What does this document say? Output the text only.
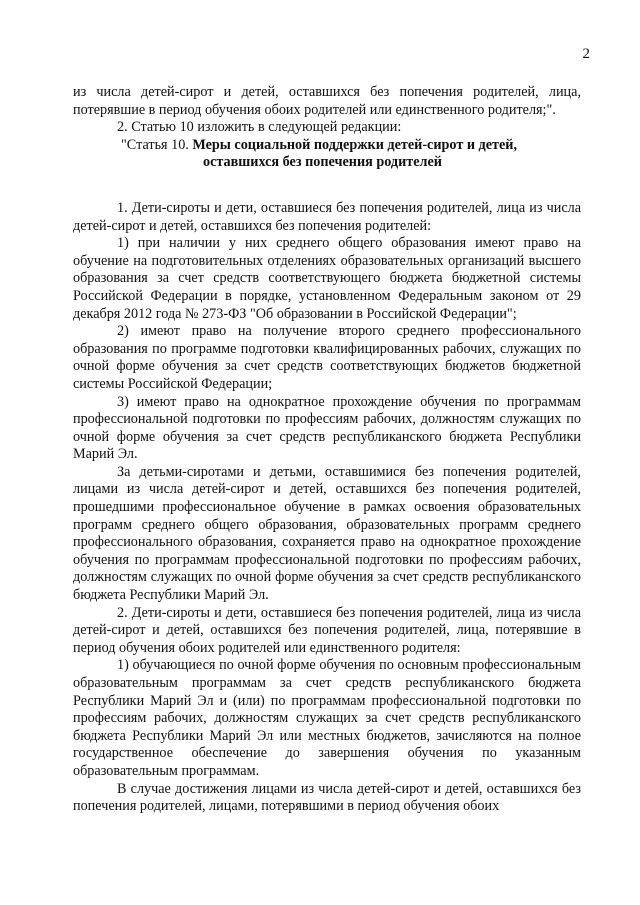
2

из числа детей-сирот и детей, оставшихся без попечения родителей, лица, потерявшие в период обучения обоих родителей или единственного родителя;".

2. Статью 10 изложить в следующей редакции:

"Статья 10. Меры социальной поддержки детей-сирот и детей,

оставшихся без попечения родителей

1. Дети-сироты и дети, оставшиеся без попечения родителей, лица из числа детей-сирот и детей, оставшихся без попечения родителей:

1) при наличии у них среднего общего образования имеют право на обучение на подготовительных отделениях образовательных организаций высшего образования за счет средств соответствующего бюджета бюджетной системы Российской Федерации в порядке, установленном Федеральным законом от 29 декабря 2012 года № 273-ФЗ "Об образовании в Российской Федерации";

2) имеют право на получение второго среднего профессионального образования по программе подготовки квалифицированных рабочих, служащих по очной форме обучения за счет средств соответствующих бюджетов бюджетной системы Российской Федерации;

3) имеют право на однократное прохождение обучения по программам профессиональной подготовки по профессиям рабочих, должностям служащих по очной форме обучения за счет средств республиканского бюджета Республики Марий Эл.

За детьми-сиротами и детьми, оставшимися без попечения родителей, лицами из числа детей-сирот и детей, оставшихся без попечения родителей, прошедшими профессиональное обучение в рамках освоения образовательных программ среднего общего образования, образовательных программ среднего профессионального образования, сохраняется право на однократное прохождение обучения по программам профессиональной подготовки по профессиям рабочих, должностям служащих по очной форме обучения за счет средств республиканского бюджета Республики Марий Эл.

2. Дети-сироты и дети, оставшиеся без попечения родителей, лица из числа детей-сирот и детей, оставшихся без попечения родителей, лица, потерявшие в период обучения обоих родителей или единственного родителя:

1) обучающиеся по очной форме обучения по основным профессиональным образовательным программам за счет средств республиканского бюджета Республики Марий Эл и (или) по программам профессиональной подготовки по профессиям рабочих, должностям служащих за счет средств республиканского бюджета Республики Марий Эл или местных бюджетов, зачисляются на полное государственное обеспечение до завершения обучения по указанным образовательным программам.

В случае достижения лицами из числа детей-сирот и детей, оставшихся без попечения родителей, лицами, потерявшими в период обучения обоих
